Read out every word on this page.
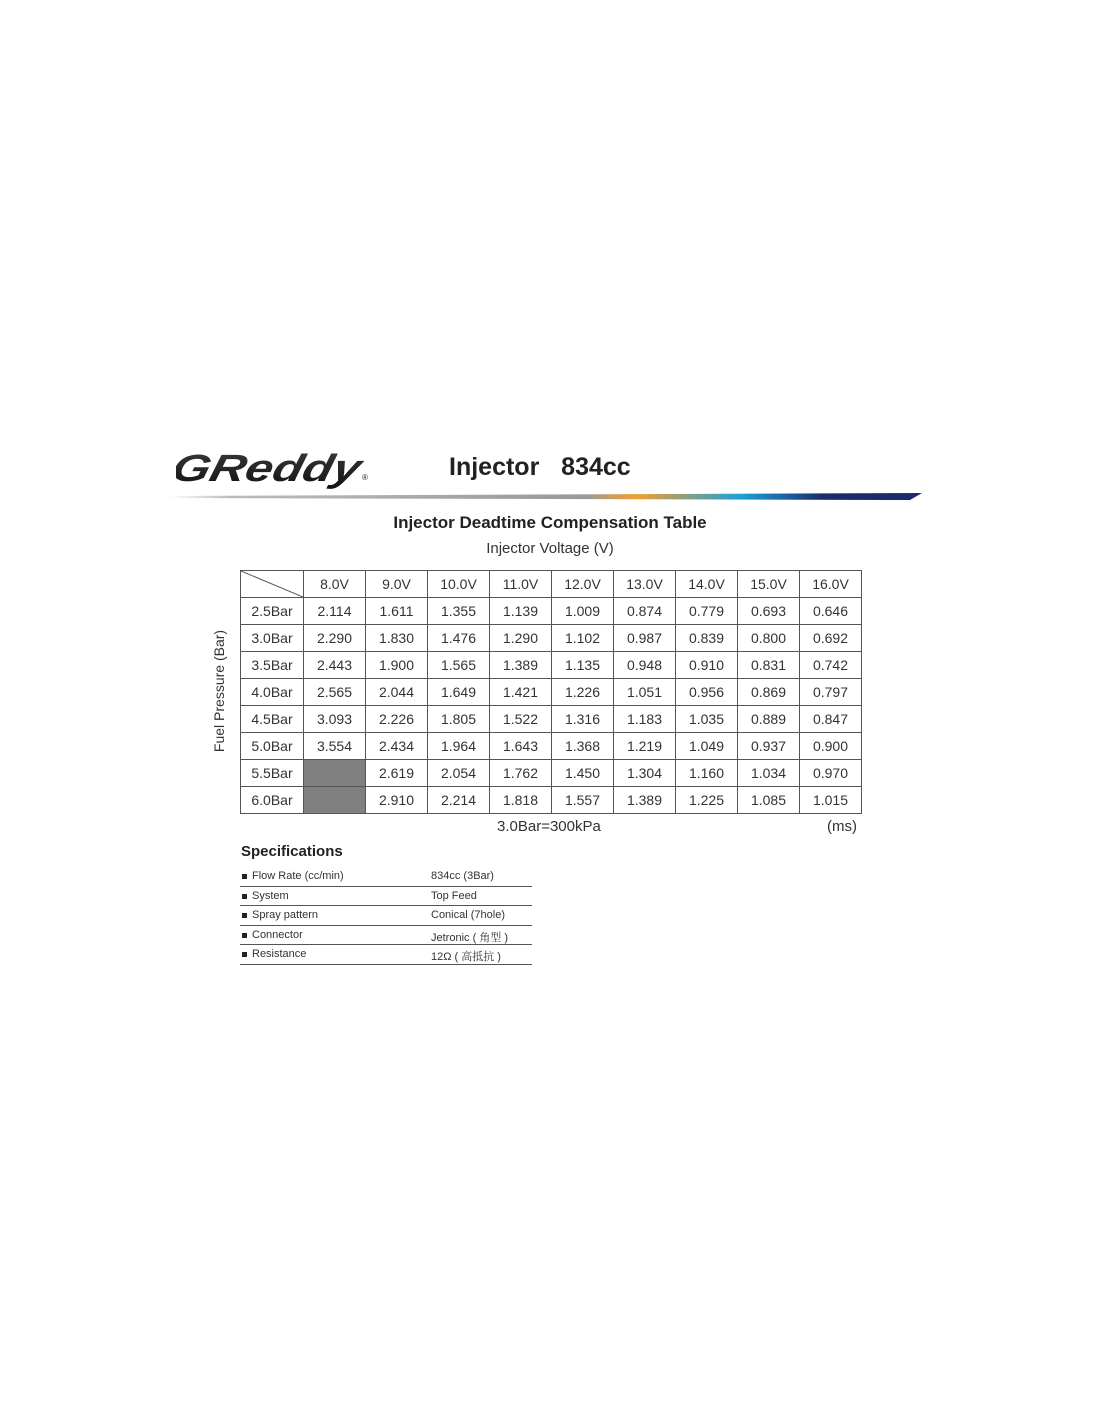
GReddy	®	Injector  834cc
Injector Deadtime Compensation Table
Injector Voltage (V)
Fuel Pressure (Bar)
	8.0V	9.0V	10.0V	11.0V	12.0V	13.0V	14.0V	15.0V	16.0V
2.5Bar	2.114	1.611	1.355	1.139	1.009	0.874	0.779	0.693	0.646
3.0Bar	2.290	1.830	1.476	1.290	1.102	0.987	0.839	0.800	0.692
3.5Bar	2.443	1.900	1.565	1.389	1.135	0.948	0.910	0.831	0.742
4.0Bar	2.565	2.044	1.649	1.421	1.226	1.051	0.956	0.869	0.797
4.5Bar	3.093	2.226	1.805	1.522	1.316	1.183	1.035	0.889	0.847
5.0Bar	3.554	2.434	1.964	1.643	1.368	1.219	1.049	0.937	0.900
5.5Bar		2.619	2.054	1.762	1.450	1.304	1.160	1.034	0.970
6.0Bar		2.910	2.214	1.818	1.557	1.389	1.225	1.085	1.015
3.0Bar=300kPa	(ms)
Specifications
Flow Rate (cc/min)	834cc (3Bar)
System	Top Feed
Spray pattern	Conical (7hole)
Connector	Jetronic ( 角型 )
Resistance	12Ω ( 高抵抗 )
